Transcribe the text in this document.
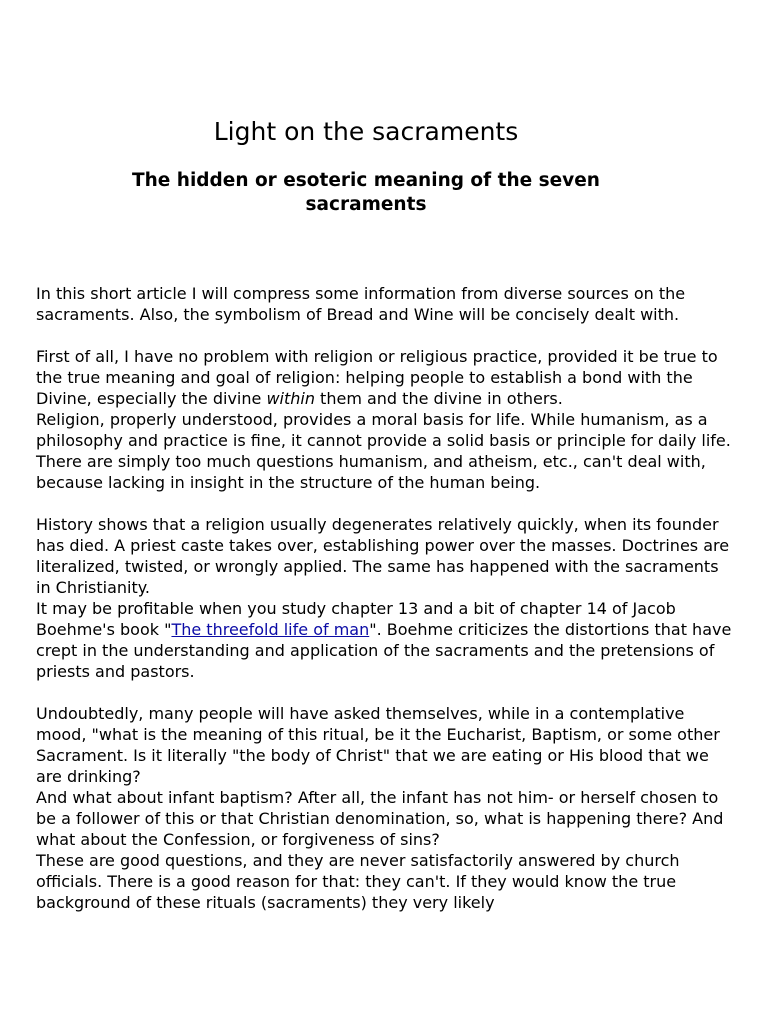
Light on the sacraments
The hidden or esoteric meaning of the seven sacraments

In this short article I will compress some information from diverse sources on the sacraments. Also, the symbolism of Bread and Wine will be concisely dealt with.

First of all, I have no problem with religion or religious practice, provided it be true to the true meaning and goal of religion: helping people to establish a bond with the Divine, especially the divine within them and the divine in others.

Religion, properly understood, provides a moral basis for life. While humanism, as a philosophy and practice is fine, it cannot provide a solid basis or principle for daily life. There are simply too much questions humanism, and atheism, etc., can't deal with, because lacking in insight in the structure of the human being.

History shows that a religion usually degenerates relatively quickly, when its founder has died. A priest caste takes over, establishing power over the masses. Doctrines are literalized, twisted, or wrongly applied. The same has happened with the sacraments in Christianity.

It may be profitable when you study chapter 13 and a bit of chapter 14 of Jacob Boehme's book "The threefold life of man". Boehme criticizes the distortions that have crept in the understanding and application of the sacraments and the pretensions of priests and pastors.

Undoubtedly, many people will have asked themselves, while in a contemplative mood, "what is the meaning of this ritual, be it the Eucharist, Baptism, or some other Sacrament. Is it literally "the body of Christ" that we are eating or His blood that we are drinking?

And what about infant baptism? After all, the infant has not him- or herself chosen to be a follower of this or that Christian denomination, so, what is happening there? And what about the Confession, or forgiveness of sins?

These are good questions, and they are never satisfactorily answered by church officials. There is a good reason for that: they can't. If they would know the true background of these rituals (sacraments) they very likely
